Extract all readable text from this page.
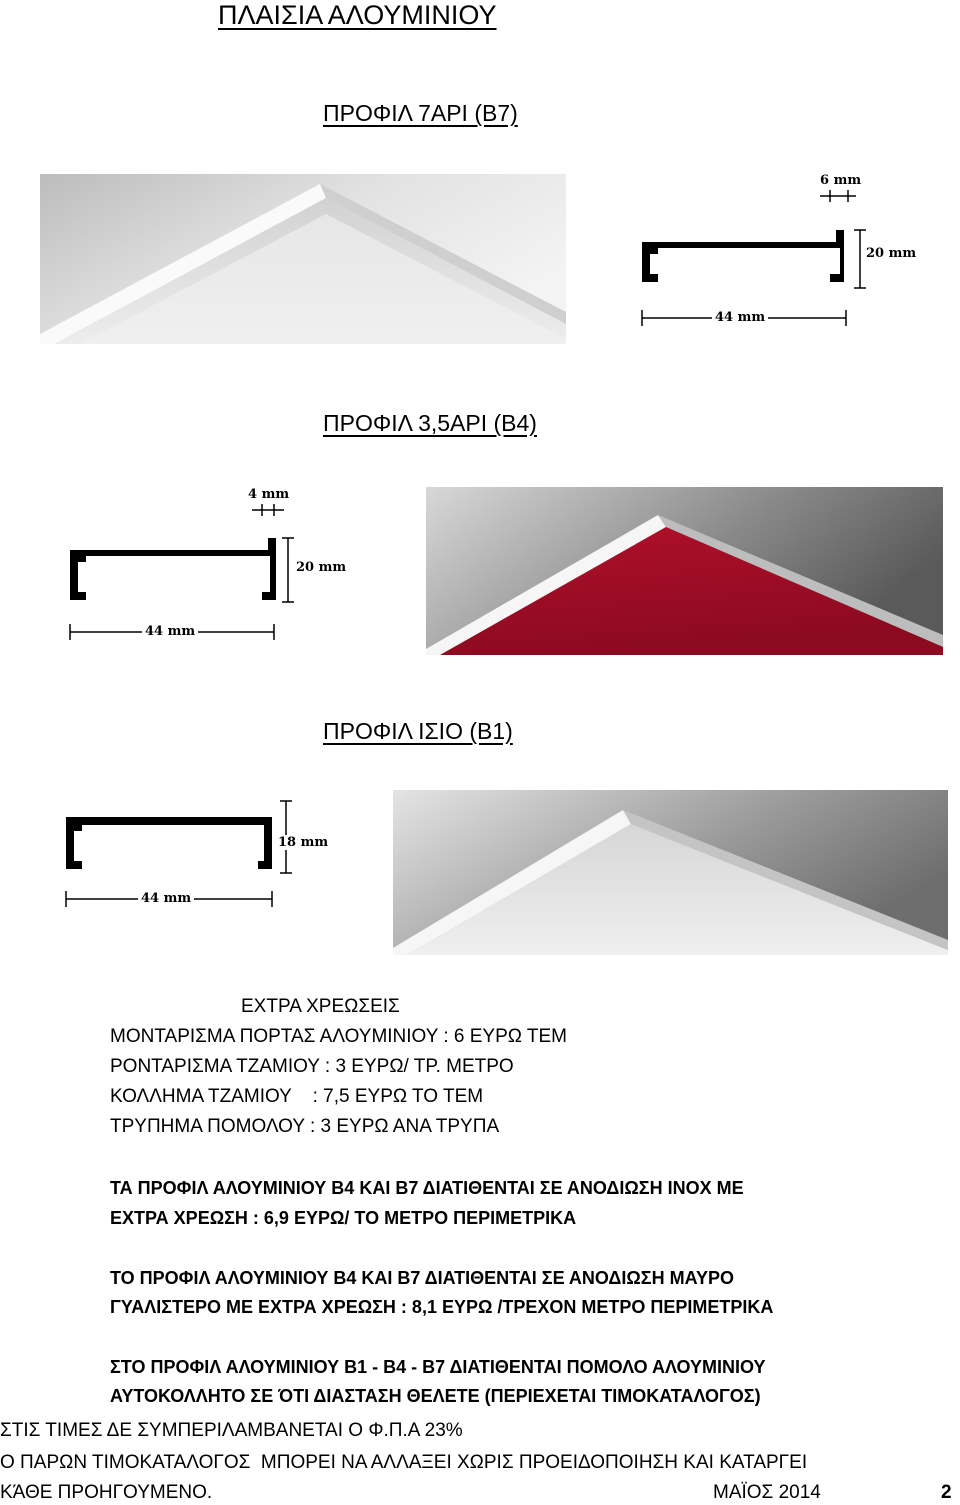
ΠΛΑΙΣΙΑ ΑΛΟΥΜΙΝΙΟΥ
ΠΡΟΦΙΛ 7ΑΡΙ (Β7)
6 mm
20 mm
44 mm
ΠΡΟΦΙΛ 3,5ΑΡΙ (Β4)
4 mm
20 mm
44 mm
ΠΡΟΦΙΛ ΙΣΙΟ (Β1)
18 mm
44 mm
ΕΧΤΡΑ ΧΡΕΩΣΕΙΣ
ΜΟΝΤΑΡΙΣΜΑ ΠΟΡΤΑΣ ΑΛΟΥΜΙΝΙΟΥ : 6 ΕΥΡΩ ΤΕΜ
ΡΟΝΤΑΡΙΣΜΑ ΤΖΑΜΙΟΥ : 3 ΕΥΡΩ/ ΤΡ. ΜΕΤΡΟ
ΚΟΛΛΗΜΑ ΤΖΑΜΙΟΥ    : 7,5 ΕΥΡΩ ΤΟ ΤΕΜ
ΤΡΥΠΗΜΑ ΠΟΜΟΛΟΥ : 3 ΕΥΡΩ ΑΝΑ ΤΡΥΠΑ
ΤΑ ΠΡΟΦΙΛ ΑΛΟΥΜΙΝΙΟΥ Β4 ΚΑΙ Β7 ΔΙΑΤΙΘΕΝΤΑΙ ΣΕ ΑΝΟΔΙΩΣΗ ΙΝΟΧ ΜΕ
ΕΧΤΡΑ ΧΡΕΩΣΗ : 6,9 ΕΥΡΩ/ ΤΟ ΜΕΤΡΟ ΠΕΡΙΜΕΤΡΙΚΑ
ΤΟ ΠΡΟΦΙΛ ΑΛΟΥΜΙΝΙΟΥ Β4 ΚΑΙ Β7 ΔΙΑΤΙΘΕΝΤΑΙ ΣΕ ΑΝΟΔΙΩΣΗ ΜΑΥΡΟ
ΓΥΑΛΙΣΤΕΡΟ ΜΕ ΕΧΤΡΑ ΧΡΕΩΣΗ : 8,1 ΕΥΡΩ /ΤΡΕΧΟΝ ΜΕΤΡΟ ΠΕΡΙΜΕΤΡΙΚΑ
ΣΤΟ ΠΡΟΦΙΛ ΑΛΟΥΜΙΝΙΟΥ Β1 - Β4 - Β7 ΔΙΑΤΙΘΕΝΤΑΙ ΠΟΜΟΛΟ ΑΛΟΥΜΙΝΙΟΥ
ΑΥΤΟΚΟΛΛΗΤΟ ΣΕ ΌΤΙ ΔΙΑΣΤΑΣΗ ΘΕΛΕΤΕ (ΠΕΡΙΕΧΕΤΑΙ ΤΙΜΟΚΑΤΑΛΟΓΟΣ)
ΣΤΙΣ ΤΙΜΕΣ ΔΕ ΣΥΜΠΕΡΙΛΑΜΒΑΝΕΤΑΙ Ο Φ.Π.Α 23%
Ο ΠΑΡΩΝ ΤΙΜΟΚΑΤΑΛΟΓΟΣ  ΜΠΟΡΕΙ ΝΑ ΑΛΛΑΞΕΙ ΧΩΡΙΣ ΠΡΟΕΙΔΟΠΟΙΗΣΗ ΚΑΙ ΚΑΤΑΡΓΕΙ
ΚΆΘΕ ΠΡΟΗΓΟΥΜΕΝΟ.	ΜΑΪΟΣ 2014	2
